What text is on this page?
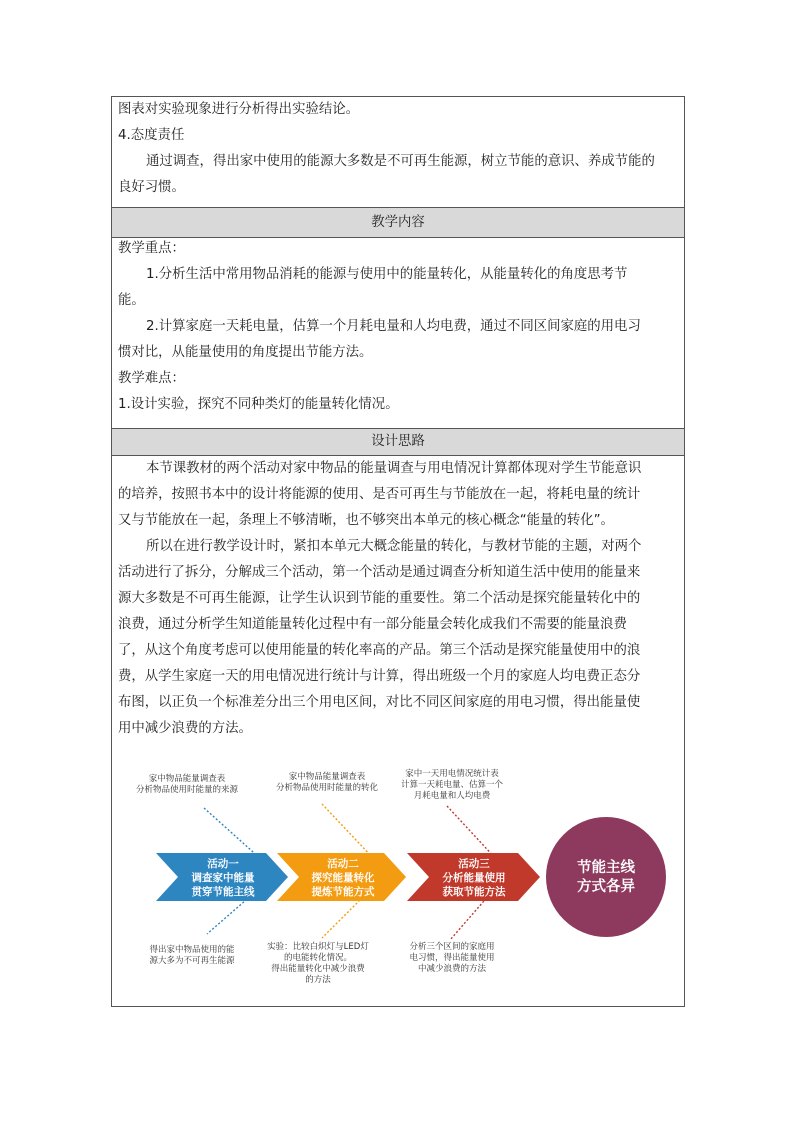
图表对实验现象进行分析得出实验结论。
4.态度责任
通过调查，得出家中使用的能源大多数是不可再生能源，树立节能的意识、养成节能的
良好习惯。
教学内容
教学重点：
1.分析生活中常用物品消耗的能源与使用中的能量转化，从能量转化的角度思考节
能。
2.计算家庭一天耗电量，估算一个月耗电量和人均电费，通过不同区间家庭的用电习
惯对比，从能量使用的角度提出节能方法。
教学难点：
1.设计实验，探究不同种类灯的能量转化情况。
设计思路
本节课教材的两个活动对家中物品的能量调查与用电情况计算都体现对学生节能意识
的培养，按照书本中的设计将能源的使用、是否可再生与节能放在一起，将耗电量的统计
又与节能放在一起，条理上不够清晰，也不够突出本单元的核心概念“能量的转化”。
所以在进行教学设计时，紧扣本单元大概念能量的转化，与教材节能的主题，对两个
活动进行了拆分，分解成三个活动，第一个活动是通过调查分析知道生活中使用的能量来
源大多数是不可再生能源，让学生认识到节能的重要性。第二个活动是探究能量转化中的
浪费，通过分析学生知道能量转化过程中有一部分能量会转化成我们不需要的能量浪费
了，从这个角度考虑可以使用能量的转化率高的产品。第三个活动是探究能量使用中的浪
费，从学生家庭一天的用电情况进行统计与计算，得出班级一个月的家庭人均电费正态分
布图，以正负一个标准差分出三个用电区间，对比不同区间家庭的用电习惯，得出能量使
用中减少浪费的方法。
活动一
调查家中能量
贯穿节能主线
活动二
探究能量转化
提炼节能方式
活动三
分析能量使用
获取节能方法
节能主线
方式各异
家中物品能量调查表
分析物品使用时能量的来源
家中物品能量调查表
分析物品使用时能量的转化
家中一天用电情况统计表
计算一天耗电量、估算一个
月耗电量和人均电费
得出家中物品使用的能
源大多为不可再生能源
实验：比较白炽灯与LED灯
的电能转化情况。
得出能量转化中减少浪费
的方法
分析三个区间的家庭用
电习惯，得出能量使用
中减少浪费的方法
